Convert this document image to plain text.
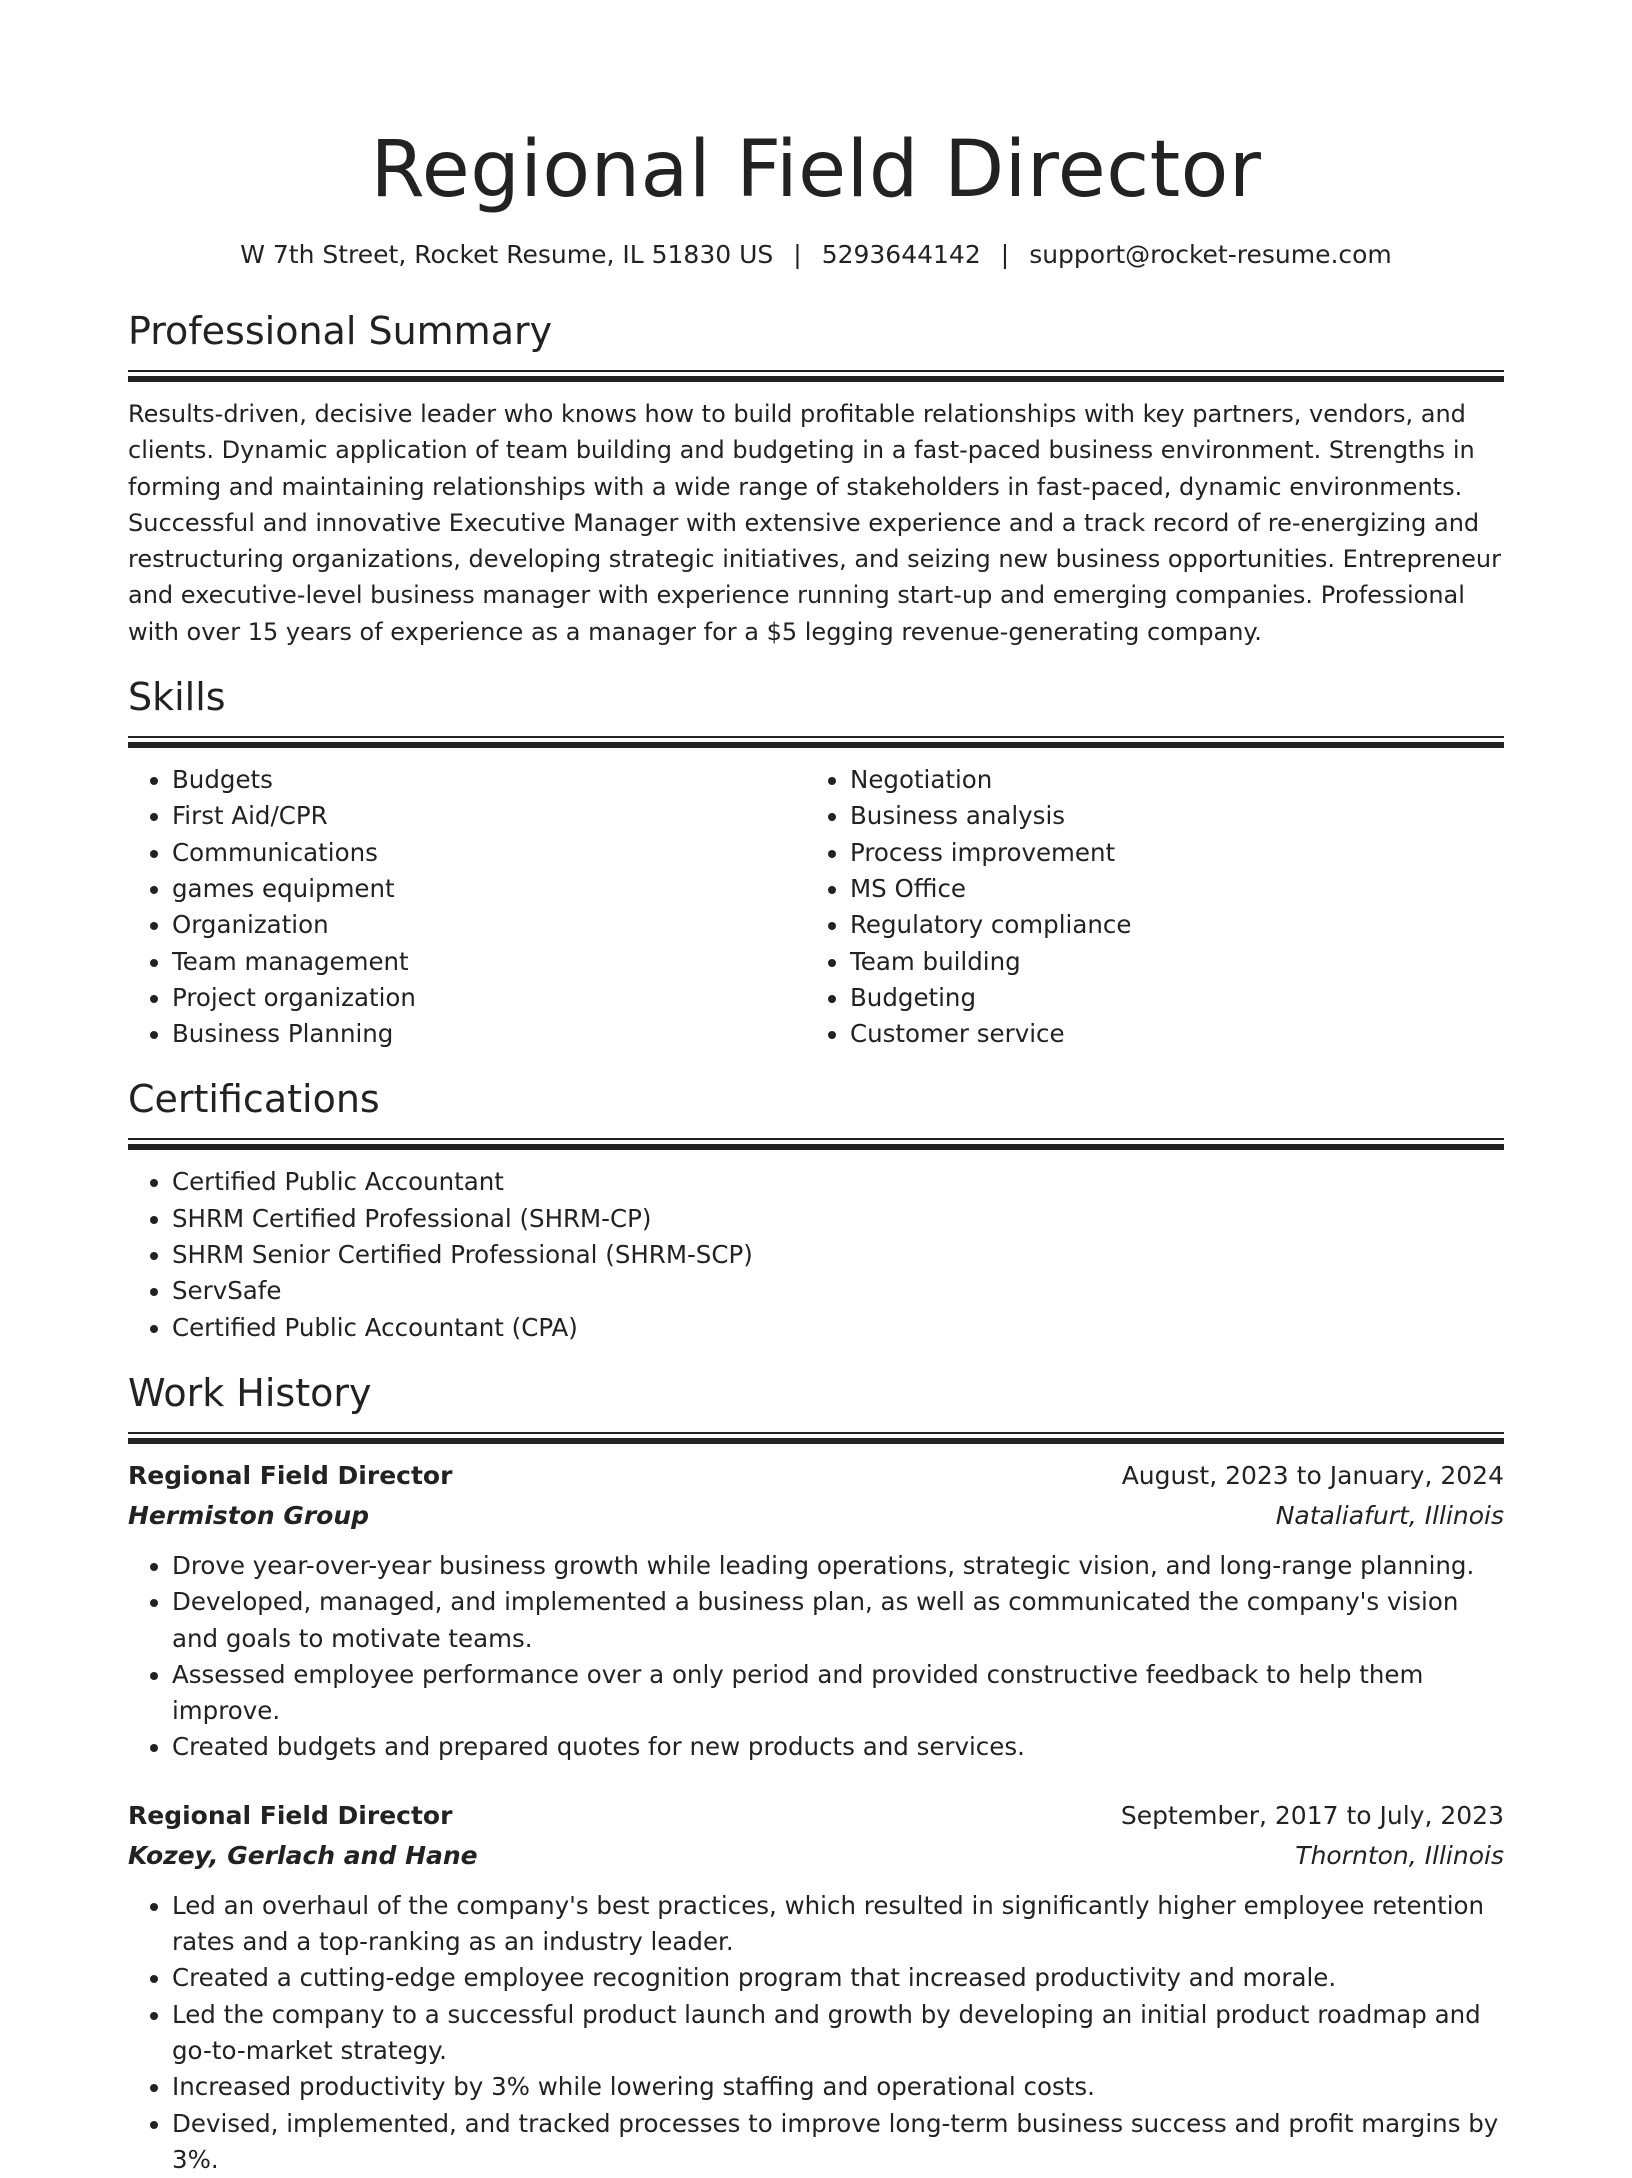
Regional Field Director
W 7th Street, Rocket Resume, IL 51830 US | 5293644142 | support@rocket-resume.com
Professional Summary

Results-driven, decisive leader who knows how to build profitable relationships with key partners, vendors, and clients. Dynamic application of team building and budgeting in a fast-paced business environment. Strengths in forming and maintaining relationships with a wide range of stakeholders in fast-paced, dynamic environments. Successful and innovative Executive Manager with extensive experience and a track record of re-energizing and restructuring organizations, developing strategic initiatives, and seizing new business opportunities. Entrepreneur and executive-level business manager with experience running start-up and emerging companies. Professional with over 15 years of experience as a manager for a $5 legging revenue-generating company.

Skills
• Budgets
• First Aid/CPR
• Communications
• games equipment
• Organization
• Team management
• Project organization
• Business Planning
• Negotiation
• Business analysis
• Process improvement
• MS Office
• Regulatory compliance
• Team building
• Budgeting
• Customer service
Certifications
• Certified Public Accountant
• SHRM Certified Professional (SHRM-CP)
• SHRM Senior Certified Professional (SHRM-SCP)
• ServSafe
• Certified Public Accountant (CPA)
Work History
Regional Field Director	August, 2023 to January, 2024
Hermiston Group	Nataliafurt, Illinois
• Drove year-over-year business growth while leading operations, strategic vision, and long-range planning.
• Developed, managed, and implemented a business plan, as well as communicated the company's vision and goals to motivate teams.
• Assessed employee performance over a only period and provided constructive feedback to help them improve.
• Created budgets and prepared quotes for new products and services.
Regional Field Director	September, 2017 to July, 2023
Kozey, Gerlach and Hane	Thornton, Illinois
• Led an overhaul of the company's best practices, which resulted in significantly higher employee retention rates and a top-ranking as an industry leader.
• Created a cutting-edge employee recognition program that increased productivity and morale.
• Led the company to a successful product launch and growth by developing an initial product roadmap and go-to-market strategy.
• Increased productivity by 3% while lowering staffing and operational costs.
• Devised, implemented, and tracked processes to improve long-term business success and profit margins by 3%.
